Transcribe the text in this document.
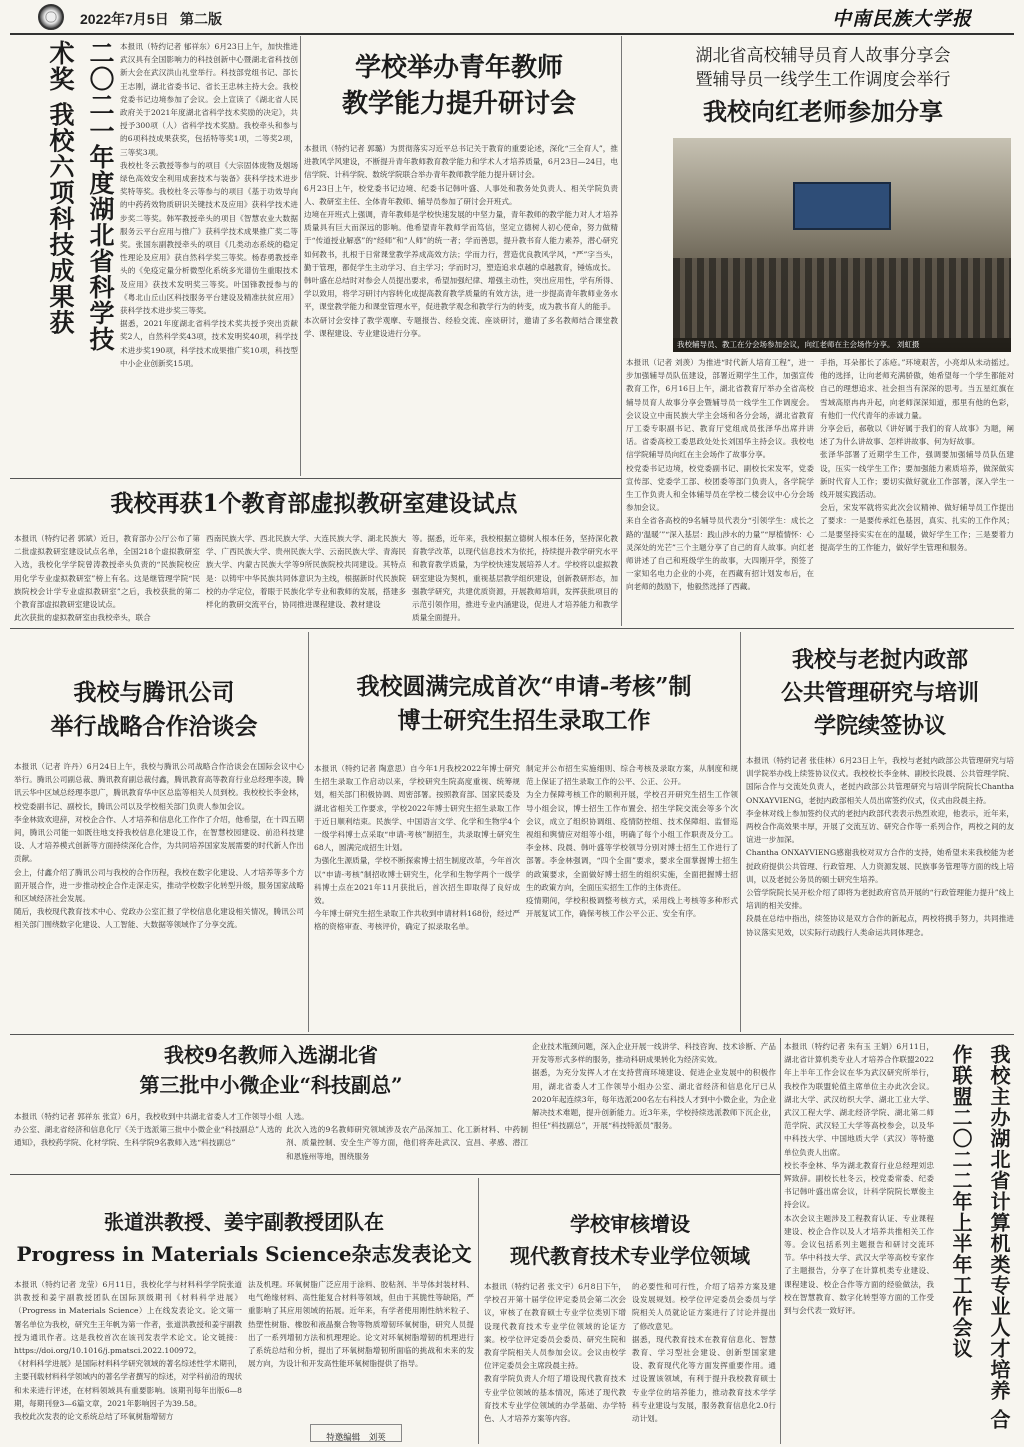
2022年7月5日 第二版	中南民族大学报
二〇二一年度湖北省科学技术奖 我校六项科技成果获	本报讯（特约记者 郁祥东）6月23日上午，加快推进武汉具有全国影响力的科技创新中心暨湖北省科技创新大会在武汉洪山礼堂举行。科技部党组书记、部长王志刚，湖北省委书记、省长王忠林主持大会。我校党委书记边境参加了会议。会上宣读了《湖北省人民政府关于2021年度湖北省科学技术奖励的决定》，共授予300项（人）省科学技术奖励。我校牵头和参与的6项科技成果获奖，包括特等奖1项，二等奖2项，三等奖3项。
我校杜冬云教授等参与的项目《大宗固体废物及烟场绿色高效安全利用成套技术与装备》获科学技术进步奖特等奖。我校杜冬云等参与的项目《基于功效导向的中药药效物质研识关键技术及应用》获科学技术进步奖二等奖。韩军教授牵头的项目《智慧农业大数据服务云平台应用与推广》获科学技术成果推广奖二等奖。张国东副教授牵头的项目《几类动态系统的稳定性理论及应用》获自然科学奖三等奖。杨春勇教授牵头的《免疫定量分析微型化系统多光谱仿生重眼技术及应用》获技术发明奖三等奖。叶国锋教授参与的《粤北山丘山区科技服务平台建设及精准扶贫应用》获科学技术进步奖三等奖。
据悉，2021年度湖北省科学技术奖共授予突出贡献奖2人，自然科学奖43项，技术发明奖40项，科学技术进步奖190项，科学技术成果推广奖10项，科技型中小企业创新奖15项。
学校举办青年教师
教学能力提升研讨会
本报讯（特约记者 郭璐）为贯彻落实习近平总书记关于教育的重要论述，深化“三全育人”，推进教风学风建设，不断提升青年教师教育教学能力和学术人才培养质量，6月23日—24日，电信学院、计科学院、数统学院联合举办青年教师教学能力提升研讨会。
6月23日上午，校党委书记边境、纪委书记韩叶盛、人事处和教务处负责人、相关学院负责人、教研室主任、全体青年教师、辅导员参加了研讨会开班式。
边境在开班式上强调，青年教师是学校快速发展的中坚力量，青年教师的教学能力对人才培养质量具有巨大而深远的影响。他希望青年教师学而笃信，坚定立德树人初心使命，努力做精于“传道授业解惑”的“经师”和“人师”的统一者；学而善思，提升教书育人能力素养，潜心研究如何教书，扎根于日常课堂教学养成高效方法；学而力行，营造优良教风学风，“严”字当头，勤于管理，都促学生主动学习、自主学习；学而时习，塑造追求卓越的卓越教育，锤炼成长。
韩叶盛在总结时对参会人员提出要求，希望加强纪律、增强主动性，突出应用性，学有所得、学以致用，将学习研讨内容转化成提高教育教学质量的有效方法，进一步提高青年教师业务水平，课堂教学能力和课堂管理水平，促进教学观念和教学行为的转变，成为教书育人的能手。
本次研讨会安排了教学观摩、专题报告、经验交流、座谈研讨，邀请了多名教师结合课堂教学、课程建设、专业建设进行分享。
湖北省高校辅导员育人故事分享会
暨辅导员一线学生工作调度会举行
我校向红老师参加分享
我校辅导员、教工在分会场参加会议，向红老师在主会场作分享。 刘虹摄
本报讯（记者 刘羡）为推进“时代新人培育工程”，进一步加强辅导员队伍建设，部署近期学生工作，加强宣传教育工作，6月16日上午，湖北省教育厅举办全省高校辅导员育人故事分享会暨辅导员一线学生工作调度会。会议设立中南民族大学主会场和各分会场，湖北省教育厅工委专职副书记、教育厅党组成员张泽华出席并讲话。省委高校工委思政处处长刘国华主持会议。我校电信学院辅导员向红在主会场作了故事分享。
校党委书记边境，校党委副书记、副校长宋发军，党委宣传部、党委学工部、校团委等部门负责人，各学院学生工作负责人和全体辅导员在学校二楼会议中心分会场参加会议。
来自全省各高校的9名辅导员代表分“引领学生：成长之路的‘温暖’”“深入基层：践山涉水的力量”“厚植情怀：心灵深处的光芒”三个主题分享了自己的育人故事。向红老师讲述了自己和班级学生的故事，大四刚开学，预签了一家知名电力企业的小亮，在西藏有招计划发布后，在向老师的鼓励下，他毅然选择了西藏。
手指，耳朵都长了冻疮。”环境艰苦，小亮却从未动摇过。他的选择，让向老师充满骄傲，她希望每一个学生都能对自己的理想追求、社会担当有深深的思考。当五星红旗在雪域高原冉冉升起，向老师深深知道，那里有他的色彩，有他们一代代青年的赤诚力量。
分享会后，郝敬以《讲好属于我们的育人故事》为题，阐述了为什么讲故事、怎样讲故事、何为好故事。
张泽华部署了近期学生工作，强调要加强辅导员队伍建设，压实一线学生工作；要加强能力素质培养，做深做实新时代育人工作；要切实做好就业工作部署，深入学生一线开展实践活动。
会后，宋发军就将实此次会议精神、做好辅导员工作提出了要求：一是要传承红色基因，真实、扎实的工作作风；二是要坚持实实在在的温暖，做好学生工作；三是要着力提高学生的工作能力，做好学生管理和服务。
我校再获1个教育部虚拟教研室建设试点
本报讯（特约记者 郭斌）近日，教育部办公厅公布了第二批虚拟教研室建设试点名单，全国218个虚拟教研室入选，我校化学学院曾涛教授牵头负责的“民族院校应用化学专业虚拟教研室”榜上有名。这是继管理学院“民族院校会计学专业虚拟教研室”之后，我校获批的第二个教育部虚拟教研室建设试点。
此次获批的虚拟教研室由我校牵头，联合
西南民族大学、西北民族大学、大连民族大学、湖北民族大学、广西民族大学、贵州民族大学、云南民族大学、青海民族大学、内蒙古民族大学等9所民族院校共同建设。其特点是：以铸牢中华民族共同体意识为主线，根据新时代民族院校的办学定位，着眼于民族化学专业和教师的发展，搭建多样化的教研交流平台，协同推进课程建设、教材建设
等。据悉，近年来，我校根据立德树人根本任务，坚持深化教育教学改革，以现代信息技术为依托，持续提升教学研究水平和教育教学质量，为学校快速发展培养人才。学校将以虚拟教研室建设为契机，重视基层教学组织建设，创新教研形态，加强教学研究，共建优质资源，开展教师培训，发挥获批项目的示范引领作用，推进专业内涵建设，促进人才培养能力和教学质量全面提升。
我校与腾讯公司
举行战略合作洽谈会
本报讯（记者 许丹）6月24日上午，我校与腾讯公司战略合作洽谈会在国际会议中心举行。腾讯公司副总裁、腾讯教育副总裁付鑫，腾讯教育高等教育行业总经理李凌，腾讯云华中区域总经理李思广，腾讯教育华中区总监等相关人员到校。我校校长李金林，校党委副书记、副校长，腾讯公司以及学校相关部门负责人参加会议。
李金林致欢迎辞，对校企合作、人才培养和信息化工作作了介绍，他希望，在十四五期间，腾讯公司能一如既往地支持我校信息化建设工作，在智慧校园建设、前沿科技建设、人才培养模式创新等方面持续深化合作，为共同培养国家发展需要的时代新人作出贡献。
会上，付鑫介绍了腾讯公司与我校的合作历程，我校在数字化建设、人才培养等多个方面开展合作，进一步推动校企合作走深走实，推动学校数字化转型升级，服务国家战略和区域经济社会发展。
随后，我校现代教育技术中心、党政办公室汇报了学校信息化建设相关情况，腾讯公司相关部门围绕数字化建设、人工智能、大数据等领域作了分享交流。
我校圆满完成首次“申请-考核”制
博士研究生招生录取工作
本报讯（特约记者 陶意思）自今年1月我校2022年博士研究生招生录取工作启动以来，学校研究生院高度重视、统筹规划，相关部门积极协调、周密部署。按照教育部、国家民委及湖北省相关工作要求，学校2022年博士研究生招生录取工作于近日顺利结束。民族学、中国语言文学、化学和生物学4个一级学科博士点采取“申请-考核”制招生，共录取博士研究生68人，圆满完成招生计划。
为强化生源质量，学校不断探索博士招生制度改革，今年首次以“申请-考核”制招收博士研究生，化学和生物学两个一级学科博士点在2021年11月获批后，首次招生即取得了良好成效。
今年博士研究生招生录取工作共收到申请材料168份，经过严格的资格审查、考核评价，确定了拟录取名单。
制定并公布招生实施细则、综合考核及录取方案，从制度和规范上保证了招生录取工作的公平、公正、公开。
为全力保障考核工作的顺利开展，学校召开研究生招生工作领导小组会议，博士招生工作布置会、招生学院交流会等多个次会议，成立了组织协调组、疫情防控组、技术保障组、监督巡视组和舆情应对组等小组，明确了每个小组工作职责及分工。李金林、段晨、韩叶盛等学校领导分别对博士招生工作进行了部署。李金林强调，“四个全面”要求，要求全面掌握博士招生的政策要求，全面做好博士招生的组织实施，全面把握博士招生的政策方向，全面压实招生工作的主体责任。
疫情期间，学校积极调整考核方式，采用线上考核等多种形式开展复试工作，确保考核工作公平公正、安全有序。
我校与老挝内政部
公共管理研究与培训
学院续签协议
本报讯（特约记者 张佳林）6月23日上午，我校与老挝内政部公共管理研究与培训学院举办线上续签协议仪式。我校校长李金林、副校长段晨、公共管理学院、国际合作与交流处负责人，老挝内政部公共管理研究与培训学院院长Chantha ONXAYVIENG，老挝内政部相关人员出席签约仪式，仪式由段晨主持。
李金林对线上参加签约仪式的老挝内政部代表表示热烈欢迎，他表示，近年来，两校合作高效果丰厚，开展了交流互访、研究合作等一系列合作，两校之间的友谊进一步加深。
Chantha ONXAYVIENG感谢我校对双方合作的支持，她希望未来我校能为老挝政府提供公共管理、行政管理、人力资源发展、民族事务管理等方面的线上培训，以及老挝公务员的硕士研究生培养。
公管学院院长吴开松介绍了即将为老挝政府官员开展的“行政管理能力提升”线上培训的相关安排。
段晨在总结中指出，续签协议是双方合作的新起点，两校将携手努力，共同推进协议落实见效，以实际行动践行人类命运共同体理念。
我校9名教师入选湖北省
第三批中小微企业“科技副总”
本报讯（特约记者 郭祥东 张宣）6月，我校收到中共湖北省委人才工作领导小组办公室、湖北省经济和信息化厅《关于选派第三批中小微企业“科技副总”人选的通知》，我校药学院、化材学院、生科学院9名教师入选“科技副总”
人选。
此次入选的9名教师研究领域涉及农产品深加工、化工新材料、中药制剂、质量控制、安全生产等方面，他们将奔赴武汉、宜昌、孝感、潜江和恩施州等地，围绕服务
企业技术瓶颈问题，深入企业开展一线讲学、科技咨询、技术诊断、产品开发等形式多样的服务，推动科研成果转化为经济实效。
据悉，为充分发挥人才在支持营商环境建设、促进企业发展中的积极作用，湖北省委人才工作领导小组办公室、湖北省经济和信息化厅已从2020年起连续3年，每年选派200名左右科技人才到中小微企业，为企业解决技术难题，提升创新能力。近3年来，学校持续选派教师下沉企业，担任“科技副总”，开展“科技特派员”服务。
张道洪教授、姜宇副教授团队在
Progress in Materials Science杂志发表论文
本报讯（特约记者 龙莹）6月11日，我校化学与材料科学学院张道洪教授和姜宇副教授团队在国际顶级期刊《材料科学进展》（Progress in Materials Science）上在线发表论文。论文第一署名单位为我校，研究生王年帆为第一作者，张道洪教授和姜宇副教授为通讯作者。这是我校首次在该刊发表学术论文。论文链接：https://doi.org/10.1016/j.pmatsci.2022.100972。
《材料科学进展》是国际材料科学研究领域的著名综述性学术期刊，主要刊载材料科学领域内的著名学者撰写的综述，对学科前沿的现状和未来进行评述，在材料领域具有重要影响。该期刊每年出版6—8期，每期刊登3—6篇文章，2021年影响因子为39.58。
我校此次发表的论文系统总结了环氧树脂增韧方
法及机理。环氧树脂广泛应用于涂料、胶粘剂、半导体封装材料、电气绝缘材料、高性能复合材料等领域，但由于其脆性等缺陷，严重影响了其应用领域的拓展。近年来，有学者使用刚性纳米粒子、热塑性树脂、橡胶和液晶聚合物等物质增韧环氧树脂，研究人员提出了一系列增韧方法和机理理论。论文对环氧树脂增韧的机理进行了系统总结和分析，提出了环氧树脂增韧所面临的挑战和未来的发展方向，为设计和开发高性能环氧树脂提供了指导。
特邀编辑　刘荚
学校审核增设
现代教育技术专业学位领域
本报讯（特约记者 张文宇）6月8日下午，学校召开第十届学位评定委员会第二次会议，审核了在教育硕士专业学位类别下增设现代教育技术专业学位领域的论证方案。校学位评定委员会委员、研究生院和教育学院相关人员参加会议。会议由校学位评定委员会主席段晨主持。
教育学院负责人介绍了增设现代教育技术专业学位领域的基本情况，陈述了现代教育技术专业学位领域的办学基础、办学特色、人才培养方案等内容。
的必要性和可行性，介绍了培养方案及建设发展规划。校学位评定委员会委员与学院相关人员就论证方案进行了讨论并提出了修改意见。
据悉，现代教育技术在教育信息化、智慧教育、学习型社会建设、创新型国家建设、教育现代化等方面发挥重要作用。通过设置该领域，有利于提升我校教育硕士专业学位的培养能力，推动教育技术学学科专业建设与发展，服务教育信息化2.0行动计划。
本报讯（特约记者 朱有玉 王娟）6月11日，湖北省计算机类专业人才培养合作联盟2022年上半年工作会议在华为武汉研究所举行，我校作为联盟轮值主席单位主办此次会议。湖北大学、武汉纺织大学、湖北工业大学、武汉工程大学、湖北经济学院、湖北第二师范学院、武汉轻工大学等高校参会，以及华中科技大学、中国地质大学（武汉）等特邀单位负责人出席。
校长李金林、华为湖北教育行业总经理刘忠辉致辞。副校长杜冬云，校党委常委、纪委书记韩叶盛出席会议，计科学院院长覃俊主持会议。
本次会议主题涉及工程教育认证、专业课程建设、校企合作以及人才培养共推相关工作等。会议包括系列主题报告和研讨交流环节。华中科技大学、武汉大学等高校专家作了主题报告，分享了在计算机类专业建设、课程建设、校企合作等方面的经验做法，我校在智慧教育、数字化转型等方面的工作受到与会代表一致好评。	我校主办湖北省计算机类专业人才培养 合作联盟二〇二二年上半年工作会议
